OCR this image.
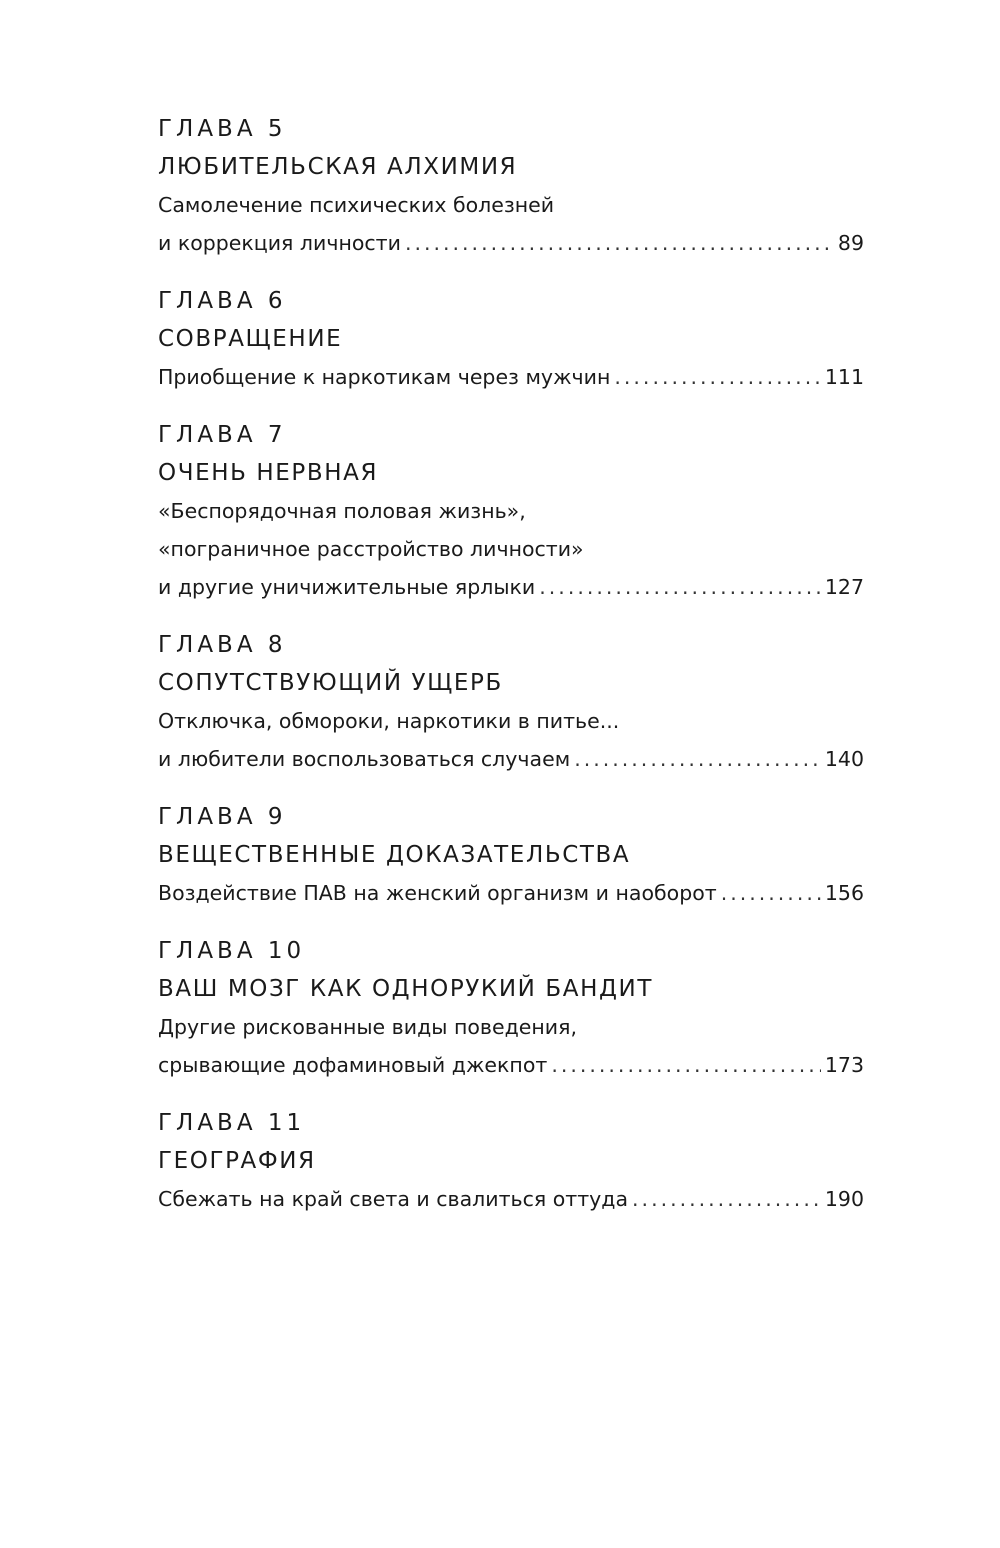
ГЛАВА 5
ЛЮБИТЕЛЬСКАЯ АЛХИМИЯ
Самолечение психических болезней
и коррекция личности .....	89
ГЛАВА 6
СОВРАЩЕНИЕ
Приобщение к наркотикам через мужчин .....	111
ГЛАВА 7
ОЧЕНЬ НЕРВНАЯ
«Беспорядочная половая жизнь»,
«пограничное расстройство личности»
и другие уничижительные ярлыки .....	127
ГЛАВА 8
СОПУТСТВУЮЩИЙ УЩЕРБ
Отключка, обмороки, наркотики в питье...
и любители воспользоваться случаем .....	140
ГЛАВА 9
ВЕЩЕСТВЕННЫЕ ДОКАЗАТЕЛЬСТВА
Воздействие ПАВ на женский организм и наоборот .....	156
ГЛАВА 10
ВАШ МОЗГ КАК ОДНОРУКИЙ БАНДИТ
Другие рискованные виды поведения,
срывающие дофаминовый джекпот .....	173
ГЛАВА 11
ГЕОГРАФИЯ
Сбежать на край света и свалиться оттуда .....	190
